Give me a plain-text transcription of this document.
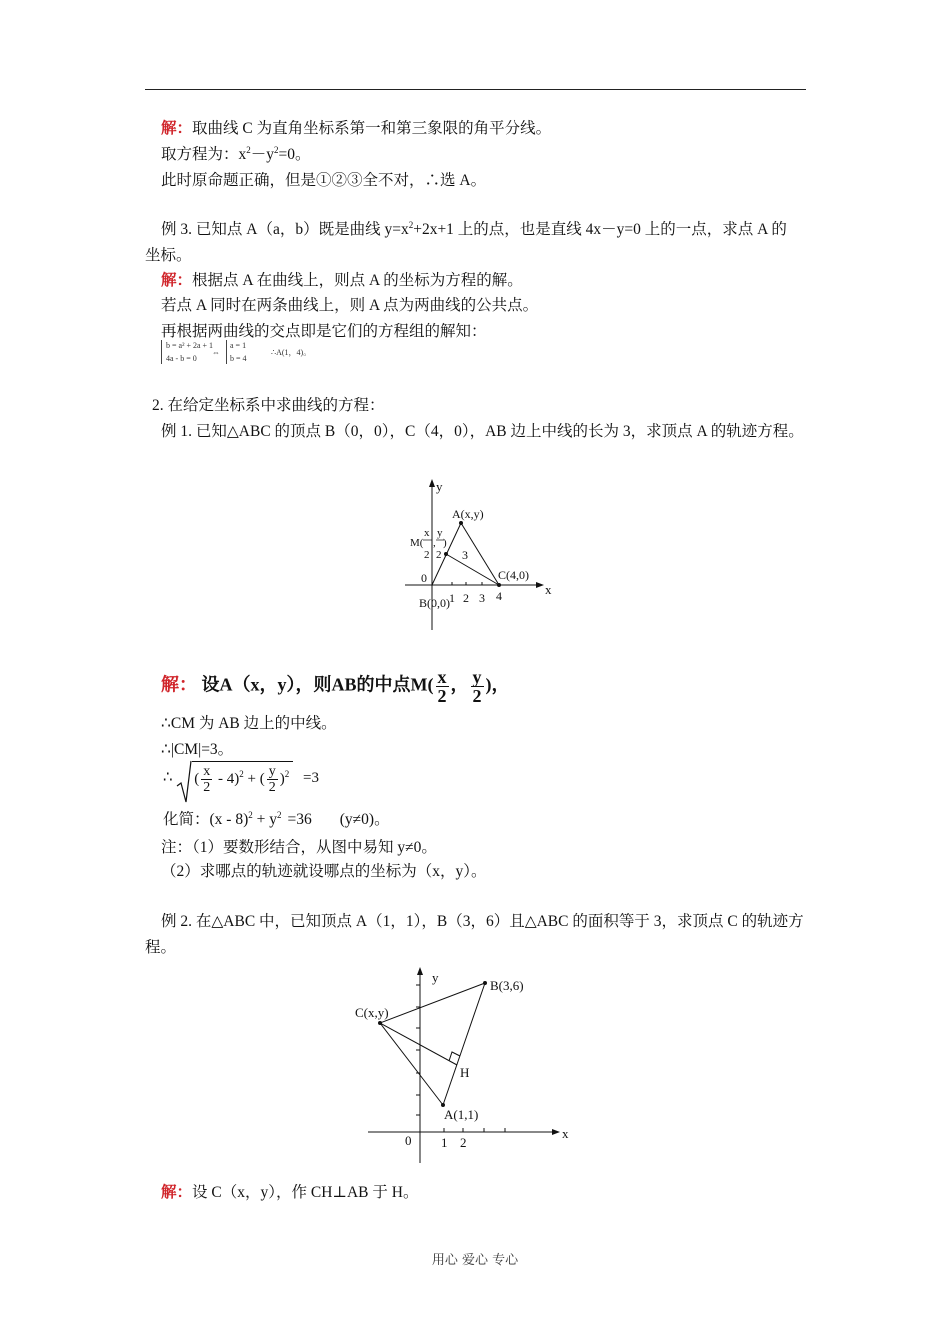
解：取曲线 C 为直角坐标系第一和第三象限的角平分线。
取方程为：$x^2-y^2=0$。
此时原命题正确，但是①②③全不对，∴选 A。
例 3. 已知点 A（a，b）既是曲线 $y=x^2+2x+1$ 上的点，也是直线 4x－y=0 上的一点，求点 A 的
坐标。
解：根据点 A 在曲线上，则点 A 的坐标为方程的解。
若点 A 同时在两条曲线上，则 A 点为两曲线的公共点。
再根据两曲线的交点即是它们的方程组的解知：
b = a² + 2a + 1
4a - b = 0
⇔
a = 1
b = 4
∴A(1，4)。
2. 在给定坐标系中求曲线的方程：
例 1. 已知△ABC 的顶点 B（0，0），C（4，0），AB 边上中线的长为 3，求顶点 A 的轨迹方程。
y
x
A(x,y)
x y
M( , )
2 2 3
C(4,0)
0
1 2 3 4
B(0,0)
解： 设A（x，y），则AB的中点$M( \frac{x}{2}$ ， $\frac{y}{2}$ )，
∴CM 为 AB 边上的中线。
∴|CM|=3。
∴ ( $\frac{x}{2} - 4)^2$ + ( $\frac{y}{2} )^2 =3$
化简：$(x - 8)^2 + y^2 =36$ (y≠0)。
注：（1）要数形结合，从图中易知 y≠0。
（2）求哪点的轨迹就设哪点的坐标为（x，y）。
例 2. 在△ABC 中，已知顶点 A（1，1），B（3，6）且△ABC 的面积等于 3，求顶点 C 的轨迹方
程。
y
x
B(3,6)
C(x,y)
H
A(1,1)
0 1 2
解：设 C（x，y），作 CH⊥AB 于 H。
用心 爱心 专心
